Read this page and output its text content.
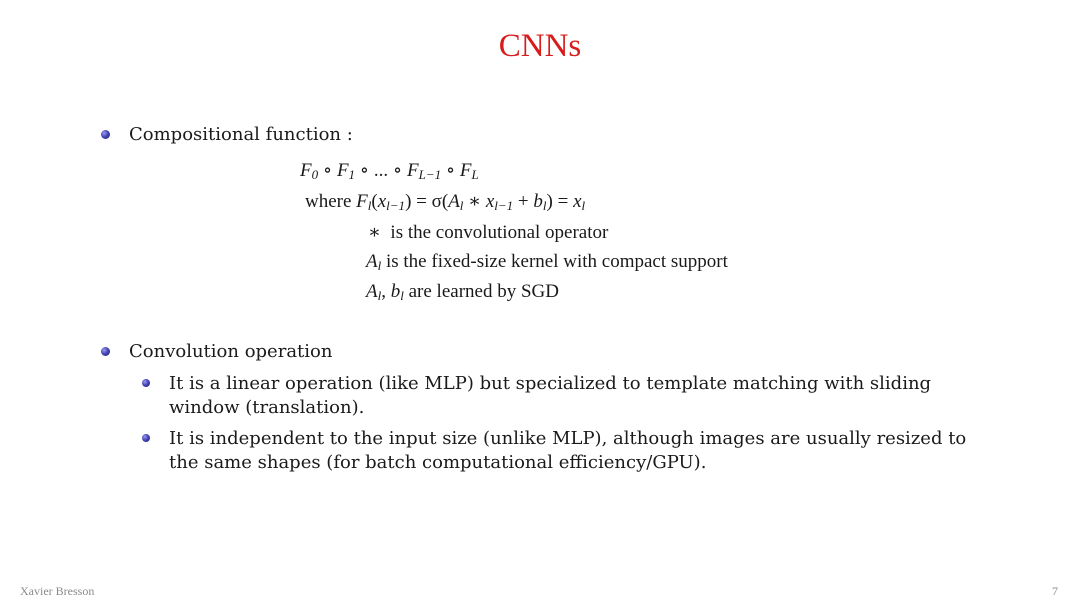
CNNs
Compositional function :
$F_0$ ∘ $F_1$ ∘ ... ∘ $F_{L-1}$ ∘ $F_L$
where $F_l(x_{l-1}) = \sigma(A_l$ ∗ $x_{l-1} + b_l) = x_l$
∗ is the convolutional operator
$A_l$ is the fixed-size kernel with compact support
$A_l$, $b_l$ are learned by SGD
Convolution operation
It is a linear operation (like MLP) but specialized to template matching with sliding
window (translation).
It is independent to the input size (unlike MLP), although images are usually resized to
the same shapes (for batch computational efficiency/GPU).
Xavier Bresson	7
